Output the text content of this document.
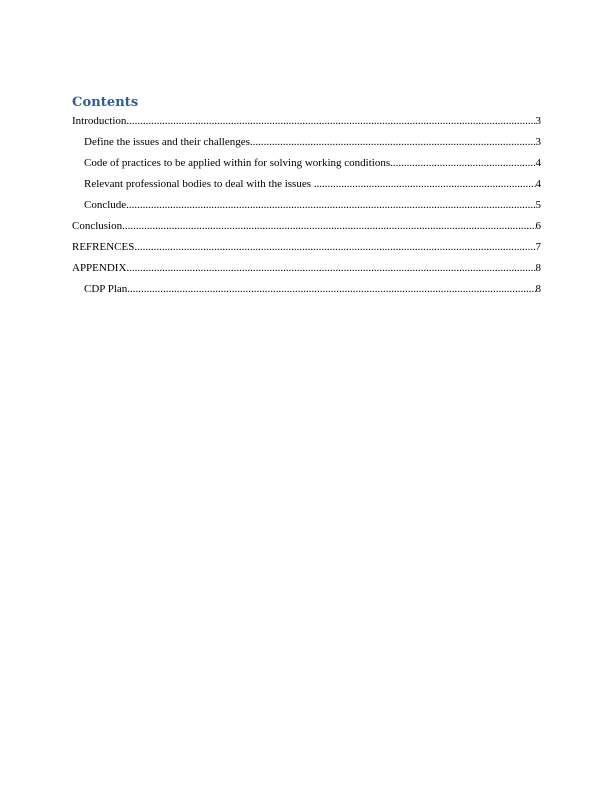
Contents
Introduction .....	3
Define the issues and their challenges .....	3
Code of practices to be applied within for solving working conditions .....	4
Relevant professional bodies to deal with the issues .....	4
Conclude .....	5
Conclusion .....	6
REFRENCES .....	7
APPENDIX .....	8
CDP Plan .....	8
